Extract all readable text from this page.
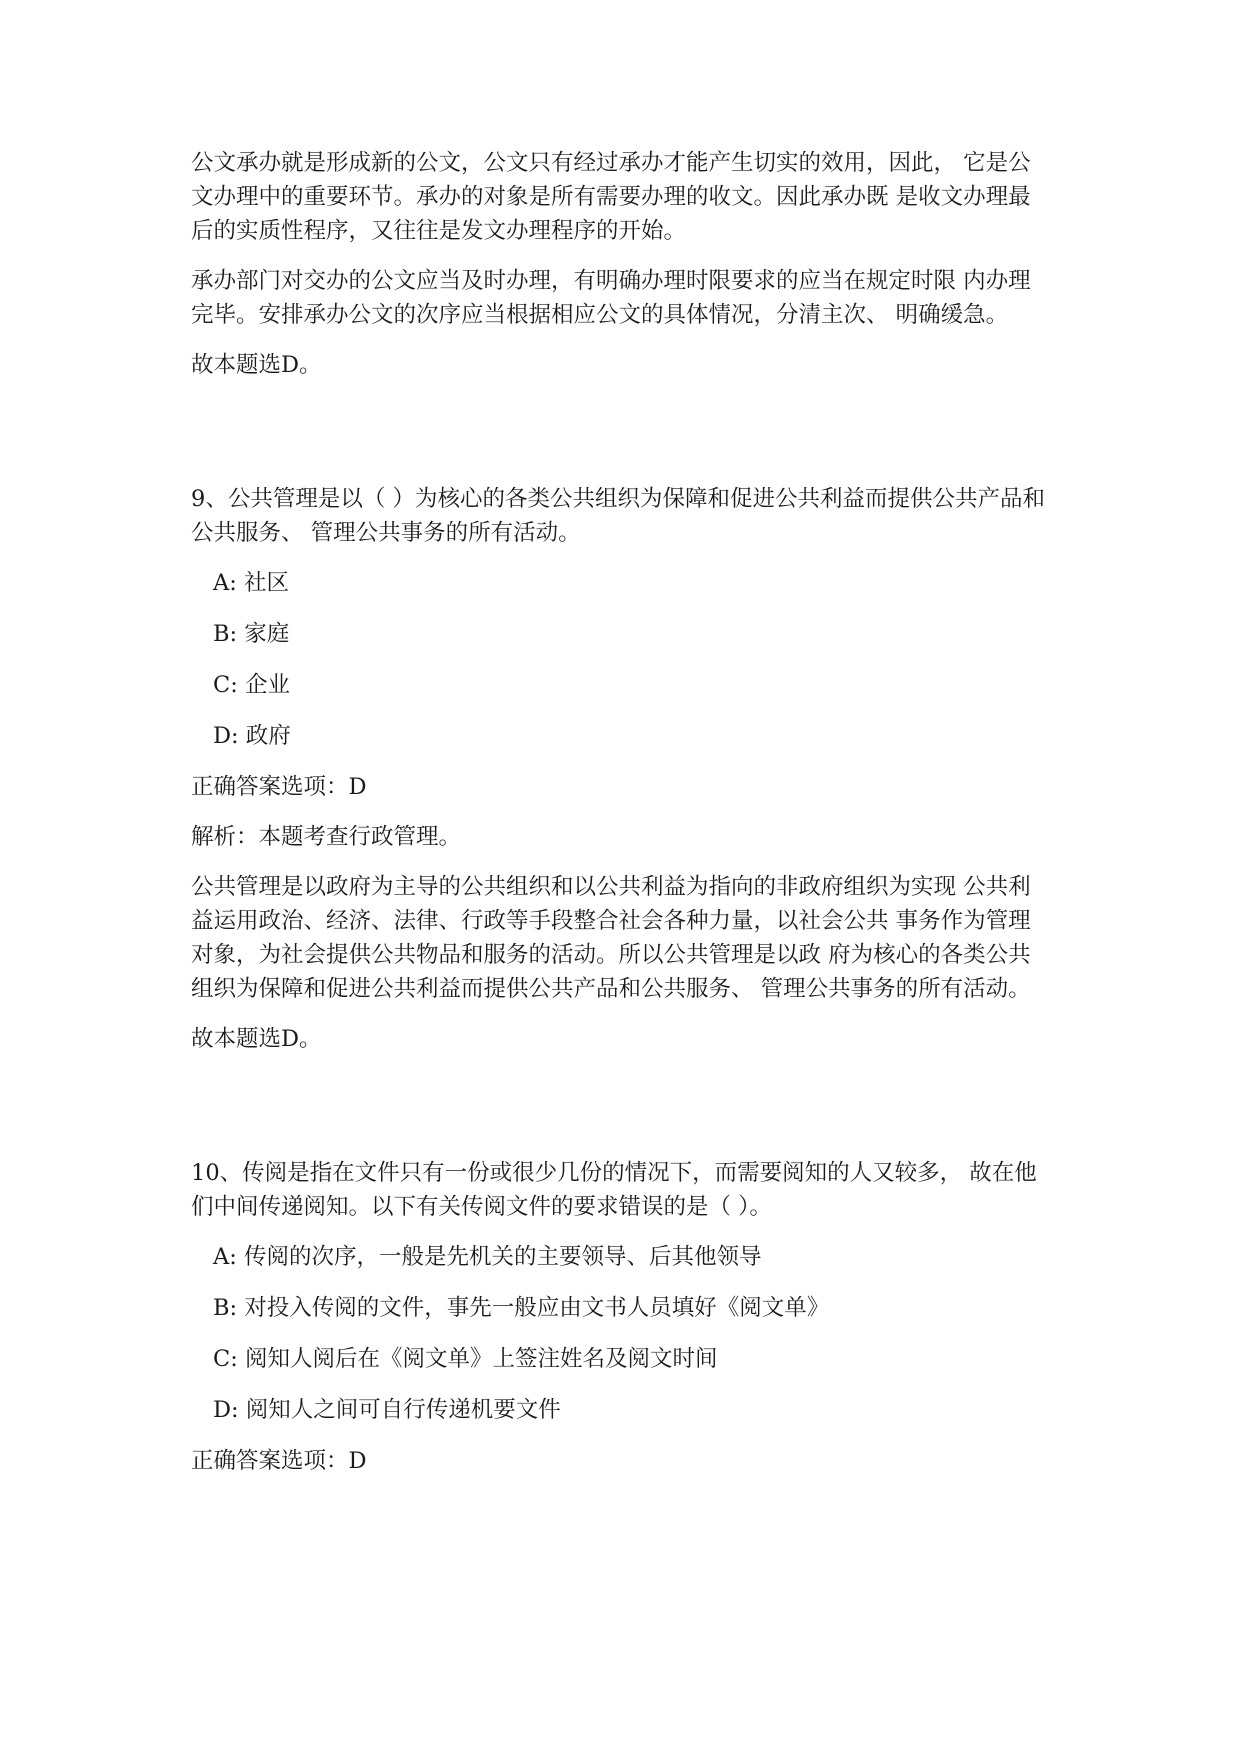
公文承办就是形成新的公文，公文只有经过承办才能产生切实的效用，因此， 它是公文办理中的重要环节。承办的对象是所有需要办理的收文。因此承办既 是收文办理最后的实质性程序，又往往是发文办理程序的开始。
承办部门对交办的公文应当及时办理，有明确办理时限要求的应当在规定时限 内办理完毕。安排承办公文的次序应当根据相应公文的具体情况，分清主次、 明确缓急。
故本题选D。
9、公共管理是以（ ）为核心的各类公共组织为保障和促进公共利益而提供公共产品和公共服务、 管理公共事务的所有活动。
A: 社区
B: 家庭
C: 企业
D: 政府
正确答案选项：D
解析：本题考查行政管理。
公共管理是以政府为主导的公共组织和以公共利益为指向的非政府组织为实现 公共利益运用政治、经济、法律、行政等手段整合社会各种力量，以社会公共 事务作为管理对象，为社会提供公共物品和服务的活动。所以公共管理是以政 府为核心的各类公共组织为保障和促进公共利益而提供公共产品和公共服务、 管理公共事务的所有活动。
故本题选D。
10、传阅是指在文件只有一份或很少几份的情况下，而需要阅知的人又较多， 故在他们中间传递阅知。以下有关传阅文件的要求错误的是（ ）。
A: 传阅的次序，一般是先机关的主要领导、后其他领导
B: 对投入传阅的文件，事先一般应由文书人员填好《阅文单》
C: 阅知人阅后在《阅文单》上签注姓名及阅文时间
D: 阅知人之间可自行传递机要文件
正确答案选项：D
